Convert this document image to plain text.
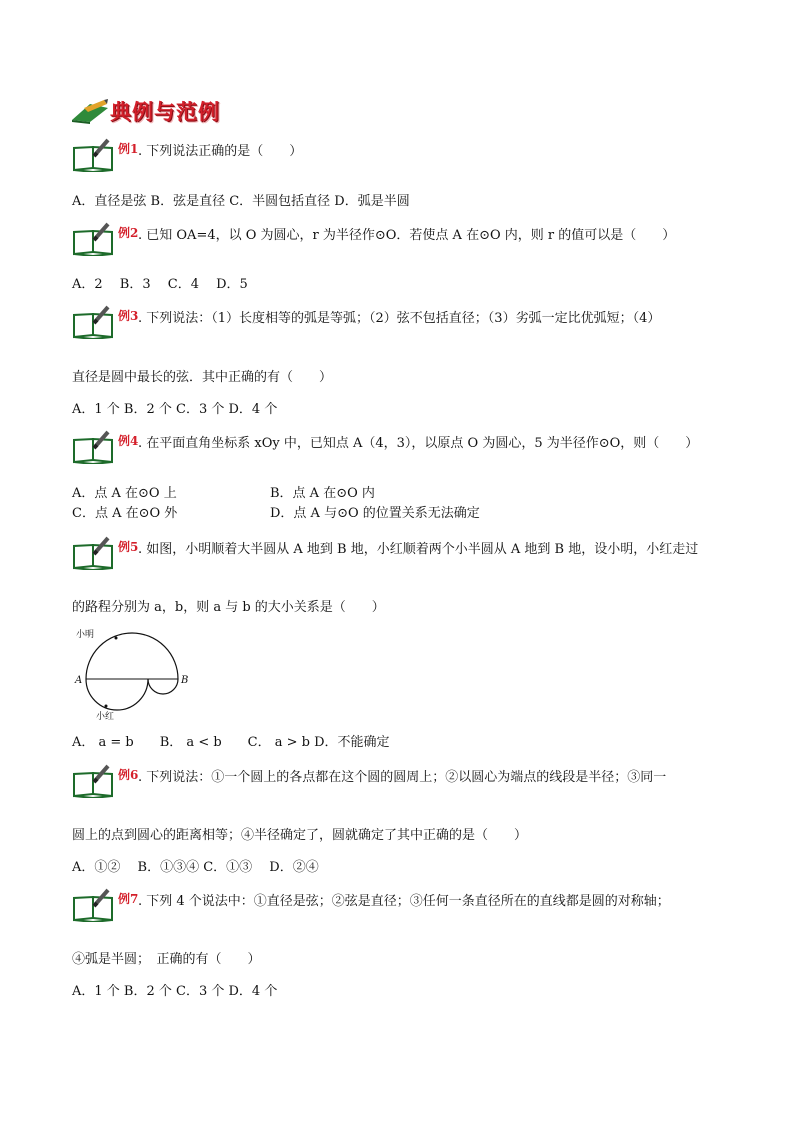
典例与范例
例1 . 下列说法正确的是（　　）
A．直径是弦 B．弦是直径 C．半圆包括直径 D．弧是半圆
例2 . 已知 OA=4，以 O 为圆心，r 为半径作⊙O．若使点 A 在⊙O 内，则 r 的值可以是（　　）
A．2　 B．3　 C．4　 D．5
例3 . 下列说法：（1）长度相等的弧是等弧；（2）弦不包括直径；（3）劣弧一定比优弧短；（4）
直径是圆中最长的弦．其中正确的有（　　）
A．1 个 B．2 个 C．3 个 D．4 个
例4 . 在平面直角坐标系 xOy 中，已知点 A（4，3），以原点 O 为圆心，5 为半径作⊙O，则（　　）
A．点 A 在⊙O 上	B．点 A 在⊙O 内
C．点 A 在⊙O 外	D．点 A 与⊙O 的位置关系无法确定
例5 . 如图，小明顺着大半圆从 A 地到 B 地，小红顺着两个小半圆从 A 地到 B 地，设小明，小红走过
的路程分别为 a，b，则 a 与 b 的大小关系是（　　）
小明
小红
A	B
A． a = b　　B． a < b　　C． a > b D．不能确定
例6 . 下列说法：①一个圆上的各点都在这个圆的圆周上；②以圆心为端点的线段是半径；③同一
圆上的点到圆心的距离相等；④半径确定了，圆就确定了其中正确的是（　　）
A．①②　 B．①③④ C．①③　 D．②④
例7 . 下列 4 个说法中：①直径是弦；②弦是直径；③任何一条直径所在的直线都是圆的对称轴；
④弧是半圆；　正确的有（　　）
A．1 个 B．2 个 C．3 个 D．4 个
